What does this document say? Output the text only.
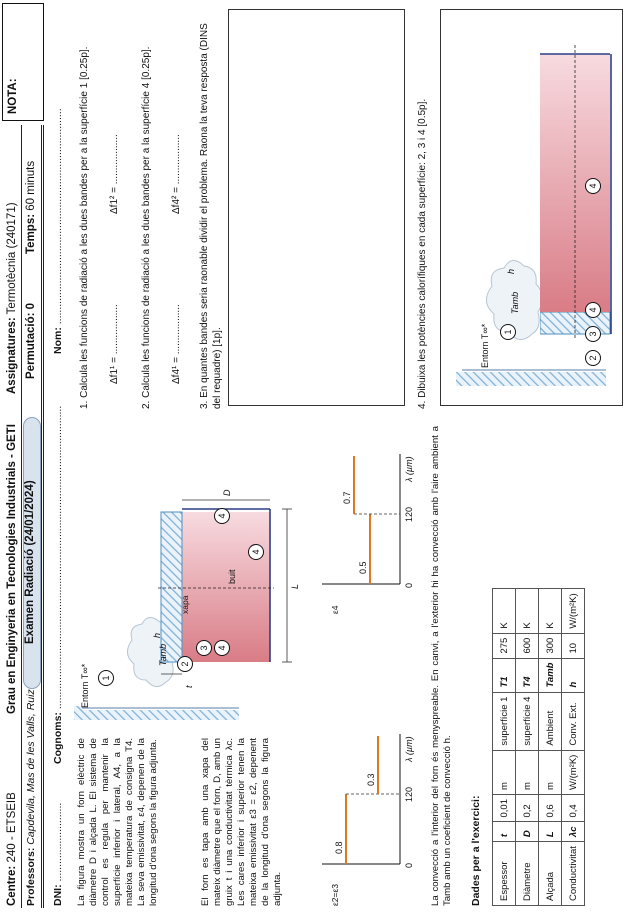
Centre: 240 - ETSEIB
Grau en Enginyeria en Tecnologies Industrials - GETI
Assignatures: Termotècnia (240171)
Professors: Capdevila, Mas de les Valls, Ruiz
Examen Radiació (24/01/2024)
Permutació: 0
Temps: 60 minuts
NOTA:
DNI: ...........................
Cognoms: ........................................................................................................
Nom: ..........................................................................
La figura mostra un forn elèctric de diàmetre D i alçada L. El sistema de control es regula per mantenir la superfície inferior i lateral, A4, a la mateixa temperatura de consigna T4. La seva emissivitat, ε4, depenen de la longitud d'ona segons la figura adjunta.	El forn es tapa amb una xapa del mateix diàmetre que el forn, D, amb un gruix t i una conductivitat tèrmica λc. Les cares inferior i superior tenen la mateixa emissivitat ε3 = ε2, depenent de la longitud d'ona segons la figura adjunta.
Entorn T∞*	1
Tamb
h
xapa
buit
t
L
D
2
3 4
4
4
ε2=ε3
0.8
0.3
0
120
λ (µm)
ε4
0.5
0.7
0
120
λ (µm) La convecció a l'interior del forn és menyspreable. En canvi, a l'exterior hi ha convecció amb l'aire ambient a Tamb amb un coeficient de convecció h. Dades per a l'exercici: Espessor	t	0,01	m	superfície 1	T1	275	K
Diàmetre	D	0,2	m	superfície 4	T4	600	K
Alçada	L	0,6	m	Ambient	Tamb	300	K
Conductivitat	λc	0,4	W/(m²K)	Conv. Ext.	h	10	W/(m²K)
1. Calcula les funcions de radiació a les dues bandes per a la superfície 1 [0.25p]. Δf1¹ = ..................
Δf1² = .................. 2. Calcula les funcions de radiació a les dues bandes per a la superfície 4 [0.25p]. Δf4¹ = ..................
Δf4² = .................. 3. En quantes bandes seria raonable dividir el problema. Raona la teva resposta (DINS del requadre) [1p].	4. Dibuixa les potències calorífiques en cada superfície: 2, 3 i 4 [0.5p].	Entorn T∞*	1
Tamb
h
2
3
4
4
